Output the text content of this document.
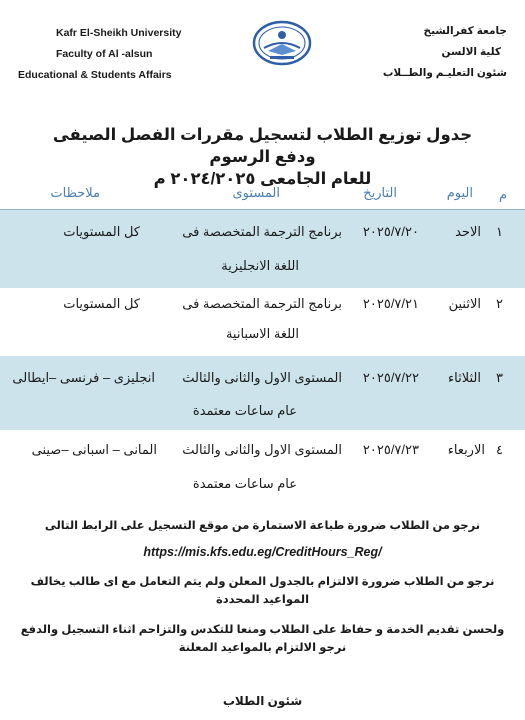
Kafr El-Sheikh University
Faculty of Al -alsun
Educational & Students Affairs
جامعة كفرالشيخ
كلية الالسن
شئون التعليـم والطــلاب
جدول توزيع الطلاب لتسجيل مقررات الفصل الصيفى ودفع الرسوم

للعام الجامعى ٢٠٢٤/٢٠٢٥ م
م
اليوم
التاريخ
المستوى
ملاحظات
١
الاحد
٢٠٢٥/٧/٢٠
برنامج الترجمة المتخصصة فى
اللغة الانجليزية
كل المستويات
٢
الاثنين
٢٠٢٥/٧/٢١
برنامج الترجمة المتخصصة فى
اللغة الاسبانية
كل المستويات
٣
الثلاثاء
٢٠٢٥/٧/٢٢
المستوى الاول والثانى والثالث
عام ساعات معتمدة
انجليزى – فرنسى –ايطالى
٤
الاربعاء
٢٠٢٥/٧/٢٣
المستوى الاول والثانى والثالث
عام ساعات معتمدة
المانى – اسبانى –صينى
نرجو من الطلاب ضرورة طباعة الاستمارة من موقع التسجيل على الرابط التالى
https://mis.kfs.edu.eg/CreditHours_Reg/
نرجو من الطلاب ضرورة الالتزام بالجدول المعلن ولم يتم التعامل مع اى طالب يخالف
المواعيد المحددة
ولحسن تقديم الخدمة و حفاظ على الطلاب ومنعا للتكدس والتزاحم اثناء التسجيل والدفع
نرجو الالتزام بالمواعيد المعلنة
شئون الطلاب
